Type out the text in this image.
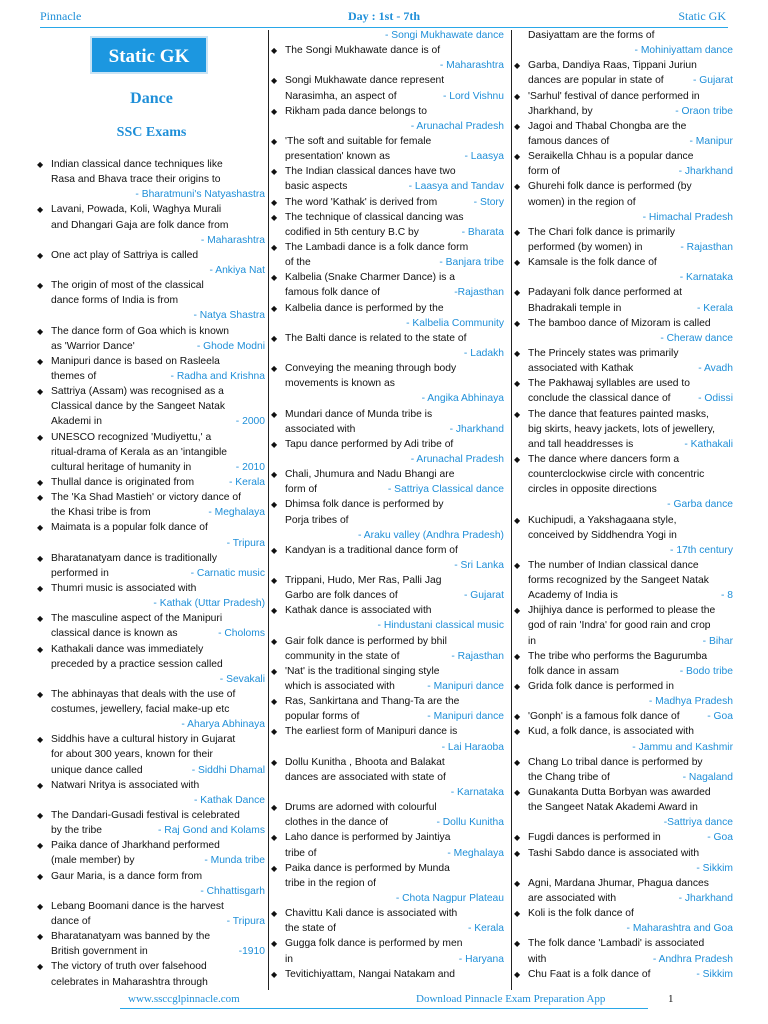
Pinnacle	Day : 1st - 7th	Static GK
Static GK
Dance
SSC Exams
◆ Indian classical dance techniques like
Rasa and Bhava trace their origins to
- Bharatmuni's Natyashastra
◆ Lavani, Powada, Koli, Waghya Murali
and Dhangari Gaja are folk dance from
- Maharashtra
◆ One act play of Sattriya is called
- Ankiya Nat
◆ The origin of most of the classical
dance forms of India is from
- Natya Shastra
◆ The dance form of Goa which is known
as 'Warrior Dance'	- Ghode Modni
◆ Manipuri dance is based on Rasleela
themes of	- Radha and Krishna
◆ Sattriya (Assam) was recognised as a
Classical dance by the Sangeet Natak
Akademi in	- 2000
◆ UNESCO recognized 'Mudiyettu,' a
ritual-drama of Kerala as an 'intangible
cultural heritage of humanity in	- 2010
◆ Thullal dance is originated from	- Kerala
◆ The 'Ka Shad Mastieh' or victory dance of
the Khasi tribe is from	- Meghalaya
◆ Maimata is a popular folk dance of
- Tripura
◆ Bharatanatyam dance is traditionally
performed in	- Carnatic music
◆ Thumri music is associated with
- Kathak (Uttar Pradesh)
◆ The masculine aspect of the Manipuri
classical dance is known as	- Choloms
◆ Kathakali dance was immediately
preceded by a practice session called
- Sevakali
◆ The abhinayas that deals with the use of
costumes, jewellery, facial make-up etc
- Aharya Abhinaya
◆ Siddhis have a cultural history in Gujarat
for about 300 years, known for their
unique dance called	- Siddhi Dhamal
◆ Natwari Nritya is associated with
- Kathak Dance
◆ The Dandari-Gusadi festival is celebrated
by the tribe	- Raj Gond and Kolams
◆ Paika dance of Jharkhand performed
(male member) by	- Munda tribe
◆ Gaur Maria, is a dance form from
- Chhattisgarh
◆ Lebang Boomani dance is the harvest
dance of	- Tripura
◆ Bharatanatyam was banned by the
British government in	-1910
◆ The victory of truth over falsehood
celebrates in Maharashtra through
- Songi Mukhawate dance
◆ The Songi Mukhawate dance is of
- Maharashtra
◆ Songi Mukhawate dance represent
Narasimha, an aspect of	- Lord Vishnu
◆ Rikham pada dance belongs to
- Arunachal Pradesh
◆ 'The soft and suitable for female
presentation' known as	- Laasya
◆ The Indian classical dances have two
basic aspects	- Laasya and Tandav
◆ The word 'Kathak' is derived from	- Story
◆ The technique of classical dancing was
codified in 5th century B.C by	- Bharata
◆ The Lambadi dance is a folk dance form
of the	- Banjara tribe
◆ Kalbelia (Snake Charmer Dance) is a
famous folk dance of	-Rajasthan
◆ Kalbelia dance is performed by the
- Kalbelia Community
◆ The Balti dance is related to the state of
- Ladakh
◆ Conveying the meaning through body
movements is known as
- Angika Abhinaya
◆ Mundari dance of Munda tribe is
associated with	- Jharkhand
◆ Tapu dance performed by Adi tribe of
- Arunachal Pradesh
◆ Chali, Jhumura and Nadu Bhangi are
form of	- Sattriya Classical dance
◆ Dhimsa folk dance is performed by
Porja tribes of
- Araku valley (Andhra Pradesh)
◆ Kandyan is a traditional dance form of
- Sri Lanka
◆ Trippani, Hudo, Mer Ras, Palli Jag
Garbo are folk dances of	- Gujarat
◆ Kathak dance is associated with
- Hindustani classical music
◆ Gair folk dance is performed by bhil
community in the state of	- Rajasthan
◆ 'Nat' is the traditional singing style
which is associated with	- Manipuri dance
◆ Ras, Sankirtana and Thang-Ta are the
popular forms of	- Manipuri dance
◆ The earliest form of Manipuri dance is
- Lai Haraoba
◆ Dollu Kunitha , Bhoota and Balakat
dances are associated with state of
- Karnataka
◆ Drums are adorned with colourful
clothes in the dance of	- Dollu Kunitha
◆ Laho dance is performed by Jaintiya
tribe of	- Meghalaya
◆ Paika dance is performed by Munda
tribe in the region of
- Chota Nagpur Plateau
◆ Chavittu Kali dance is associated with
the state of	- Kerala
◆ Gugga folk dance is performed by men
in	- Haryana
◆ Tevitichiyattam, Nangai Natakam and
Dasiyattam are the forms of
- Mohiniyattam dance
◆ Garba, Dandiya Raas, Tippani Juriun
dances are popular in state of	- Gujarat
◆ 'Sarhul' festival of dance performed in
Jharkhand, by	- Oraon tribe
◆ Jagoi and Thabal Chongba are the
famous dances of	- Manipur
◆ Seraikella Chhau is a popular dance
form of	- Jharkhand
◆ Ghurehi folk dance is performed (by
women) in the region of
- Himachal Pradesh
◆ The Chari folk dance is primarily
performed (by women) in	- Rajasthan
◆ Kamsale is the folk dance of
- Karnataka
◆ Padayani folk dance performed at
Bhadrakali temple in	- Kerala
◆ The bamboo dance of Mizoram is called
- Cheraw dance
◆ The Princely states was primarily
associated with Kathak	- Avadh
◆ The Pakhawaj syllables are used to
conclude the classical dance of	- Odissi
◆ The dance that features painted masks,
big skirts, heavy jackets, lots of jewellery,
and tall headdresses is	- Kathakali
◆ The dance where dancers form a
counterclockwise circle with concentric
circles in opposite directions
- Garba dance
◆ Kuchipudi, a Yakshagaana style,
conceived by Siddhendra Yogi in
- 17th century
◆ The number of Indian classical dance
forms recognized by the Sangeet Natak
Academy of India is	- 8
◆ Jhijhiya dance is performed to please the
god of rain 'Indra' for good rain and crop
in	- Bihar
◆ The tribe who performs the Bagurumba
folk dance in assam	- Bodo tribe
◆ Grida folk dance is performed in
- Madhya Pradesh
◆ 'Gonph' is a famous folk dance of	- Goa
◆ Kud, a folk dance, is associated with
- Jammu and Kashmir
◆ Chang Lo tribal dance is performed by
the Chang tribe of	- Nagaland
◆ Gunakanta Dutta Borbyan was awarded
the Sangeet Natak Akademi Award in
-Sattriya dance
◆ Fugdi dances is performed in	- Goa
◆ Tashi Sabdo dance is associated with
- Sikkim
◆ Agni, Mardana Jhumar, Phagua dances
are associated with	- Jharkhand
◆ Koli is the folk dance of
- Maharashtra and Goa
◆ The folk dance 'Lambadi' is associated
with	- Andhra Pradesh
◆ Chu Faat is a folk dance of	- Sikkim
www.ssccglpinnacle.com	Download Pinnacle Exam Preparation App	1
